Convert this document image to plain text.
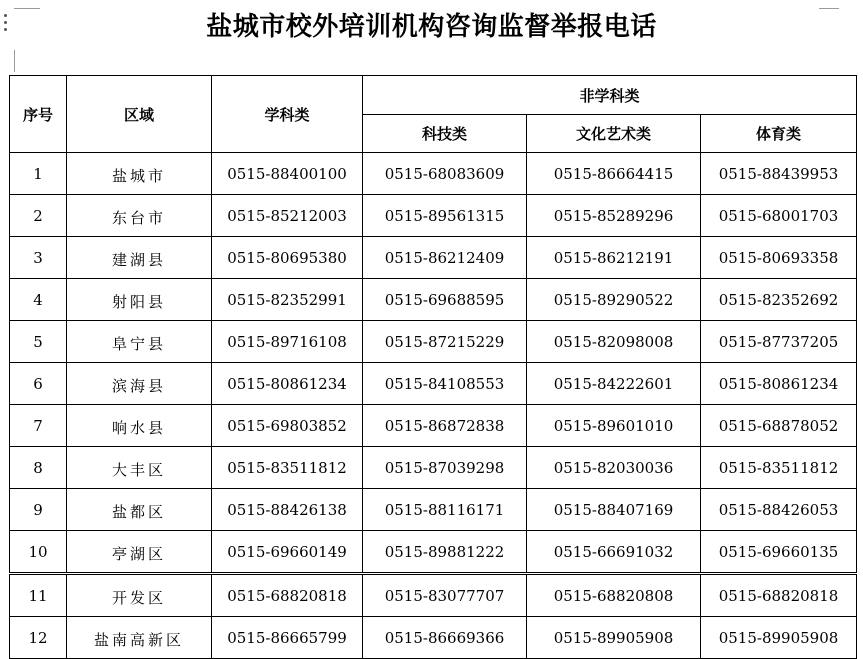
盐城市校外培训机构咨询监督举报电话
序号	区域	学科类	非学科类		
			科技类	文化艺术类	体育类
1	盐城市	0515-88400100	0515-68083609	0515-86664415	0515-88439953
2	东台市	0515-85212003	0515-89561315	0515-85289296	0515-68001703
3	建湖县	0515-80695380	0515-86212409	0515-86212191	0515-80693358
4	射阳县	0515-82352991	0515-69688595	0515-89290522	0515-82352692
5	阜宁县	0515-89716108	0515-87215229	0515-82098008	0515-87737205
6	滨海县	0515-80861234	0515-84108553	0515-84222601	0515-80861234
7	响水县	0515-69803852	0515-86872838	0515-89601010	0515-68878052
8	大丰区	0515-83511812	0515-87039298	0515-82030036	0515-83511812
9	盐都区	0515-88426138	0515-88116171	0515-88407169	0515-88426053
10	亭湖区	0515-69660149	0515-89881222	0515-66691032	0515-69660135
11	开发区	0515-68820818	0515-83077707	0515-68820808	0515-68820818
12	盐南高新区	0515-86665799	0515-86669366	0515-89905908	0515-89905908
